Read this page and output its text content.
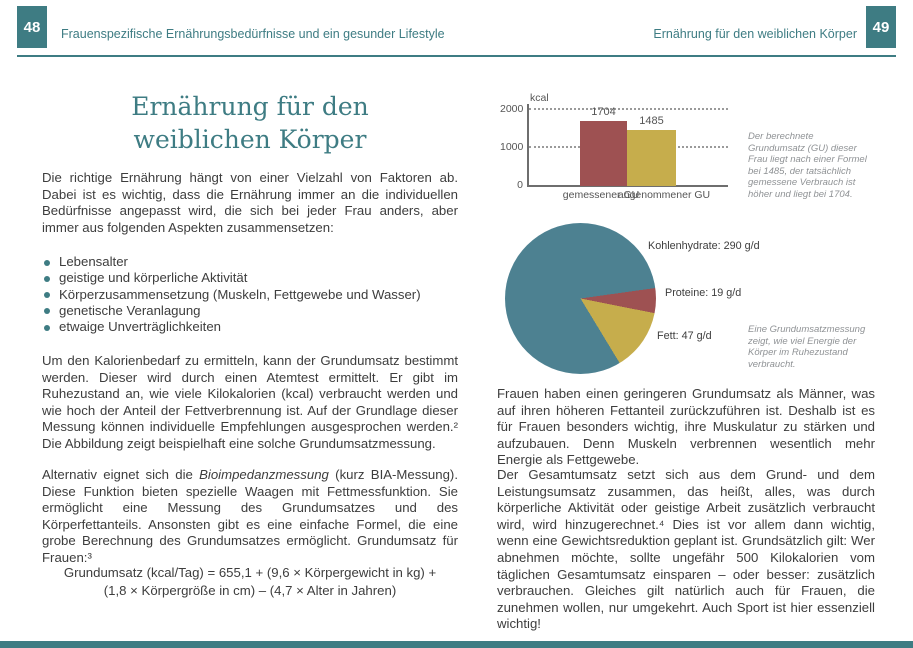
48	Frauenspezifische Ernährungsbedürfnisse und ein gesunder Lifestyle	Ernährung für den weiblichen Körper	49
Ernährung für den
weiblichen Körper

Die richtige Ernährung hängt von einer Vielzahl von Faktoren ab. Dabei ist es wichtig, dass die Ernährung immer an die individuellen Bedürfnisse angepasst wird, die sich bei jeder Frau anders, aber immer aus folgenden Aspekten zusammensetzen:

Lebensalter
geistige und körperliche Aktivität
Körperzusammensetzung (Muskeln, Fettgewebe und Wasser)
genetische Veranlagung
etwaige Unverträglichkeiten

Um den Kalorienbedarf zu ermitteln, kann der Grundumsatz bestimmt werden. Dieser wird durch einen Atemtest ermittelt. Er gibt im Ruhezustand an, wie viele Kilokalorien (kcal) verbraucht werden und wie hoch der Anteil der Fettverbrennung ist. Auf der Grundlage dieser Messung können individuelle Empfehlungen ausgesprochen werden.² Die Abbildung zeigt beispielhaft eine solche Grundumsatzmessung.

Alternativ eignet sich die Bioimpedanzmessung (kurz BIA-Messung). Diese Funktion bieten spezielle Waagen mit Fettmessfunktion. Sie ermöglicht eine Messung des Grundumsatzes und des Körperfettanteils. Ansonsten gibt es eine einfache Formel, die eine grobe Berechnung des Grundumsatzes ermöglicht. Grundumsatz für Frauen:³

Grundumsatz (kcal/Tag) = 655,1 + (9,6 × Körpergewicht in kg) +
(1,8 × Körpergröße in cm) – (4,7 × Alter in Jahren)
kcal
2000
1000
0
1704
1485
gemessener GU
angenommener GU

Der berechnete Grundumsatz (GU) dieser Frau liegt nach einer Formel bei 1485, der tatsächlich gemessene Verbrauch ist höher und liegt bei 1704.

Kohlenhydrate: 290 g/d
Proteine: 19 g/d
Fett: 47 g/d

Eine Grundumsatzmessung zeigt, wie viel Energie der Körper im Ruhezustand verbraucht.

Frauen haben einen geringeren Grundumsatz als Männer, was auf ihren höheren Fettanteil zurückzuführen ist. Deshalb ist es für Frauen besonders wichtig, ihre Muskulatur zu stärken und aufzubauen. Denn Muskeln verbrennen wesentlich mehr Energie als Fettgewebe.

Der Gesamtumsatz setzt sich aus dem Grund- und dem Leistungsumsatz zusammen, das heißt, alles, was durch körperliche Aktivität oder geistige Arbeit zusätzlich verbraucht wird, wird hinzugerechnet.⁴ Dies ist vor allem dann wichtig, wenn eine Gewichtsreduktion geplant ist. Grundsätzlich gilt: Wer abnehmen möchte, sollte ungefähr 500 Kilokalorien vom täglichen Gesamtumsatz einsparen – oder besser: zusätzlich verbrauchen. Gleiches gilt natürlich auch für Frauen, die zunehmen wollen, nur umgekehrt. Auch Sport ist hier essenziell wichtig!
